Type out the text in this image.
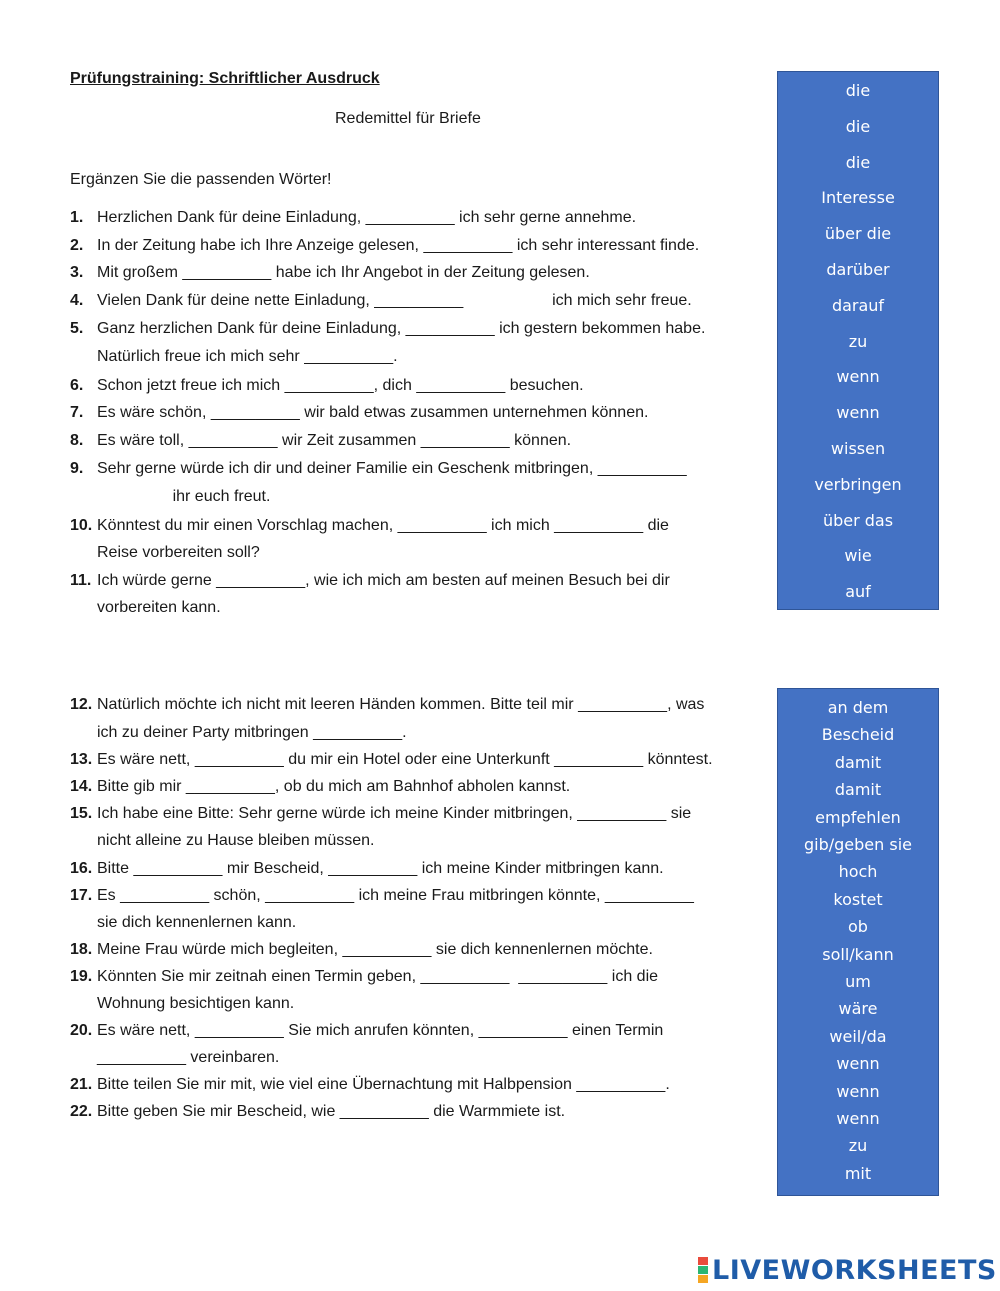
Prüfungstraining: Schriftlicher Ausdruck
Redemittel für Briefe
Ergänzen Sie die passenden Wörter!
1. Herzlichen Dank für deine Einladung, __________ ich sehr gerne annehme.
2. In der Zeitung habe ich Ihre Anzeige gelesen, __________ ich sehr interessant finde.
3. Mit großem __________ habe ich Ihr Angebot in der Zeitung gelesen.
4. Vielen Dank für deine nette Einladung, __________                    ich mich sehr freue.
5. Ganz herzlichen Dank für deine Einladung, __________ ich gestern bekommen habe.
Natürlich freue ich mich sehr __________.
6. Schon jetzt freue ich mich __________, dich __________ besuchen.
7. Es wäre schön, __________ wir bald etwas zusammen unternehmen können.
8. Es wäre toll, __________ wir Zeit zusammen __________ können.
9. Sehr gerne würde ich dir und deiner Familie ein Geschenk mitbringen, __________
ihr euch freut.
10. Könntest du mir einen Vorschlag machen, __________ ich mich __________ die
Reise vorbereiten soll?
11. Ich würde gerne __________, wie ich mich am besten auf meinen Besuch bei dir
vorbereiten kann.
12. Natürlich möchte ich nicht mit leeren Händen kommen. Bitte teil mir __________, was
ich zu deiner Party mitbringen __________.
13. Es wäre nett, __________ du mir ein Hotel oder eine Unterkunft __________ könntest.
14. Bitte gib mir __________, ob du mich am Bahnhof abholen kannst.
15. Ich habe eine Bitte: Sehr gerne würde ich meine Kinder mitbringen, __________ sie
nicht alleine zu Hause bleiben müssen.
16. Bitte __________ mir Bescheid, __________ ich meine Kinder mitbringen kann.
17. Es __________ schön, __________ ich meine Frau mitbringen könnte, __________
sie dich kennenlernen kann.
18. Meine Frau würde mich begleiten, __________ sie dich kennenlernen möchte.
19. Könnten Sie mir zeitnah einen Termin geben, __________  __________ ich die
Wohnung besichtigen kann.
20. Es wäre nett, __________ Sie mich anrufen könnten, __________ einen Termin
__________ vereinbaren.
21. Bitte teilen Sie mir mit, wie viel eine Übernachtung mit Halbpension __________.
22. Bitte geben Sie mir Bescheid, wie __________ die Warmmiete ist.
die
die
die
Interesse
über die
darüber
darauf
zu
wenn
wenn
wissen
verbringen
über das
wie
auf
an dem
Bescheid
damit
damit
empfehlen
gib/geben sie
hoch
kostet
ob
soll/kann
um
wäre
weil/da
wenn
wenn
wenn
zu
mit
LIVEWORKSHEETS
